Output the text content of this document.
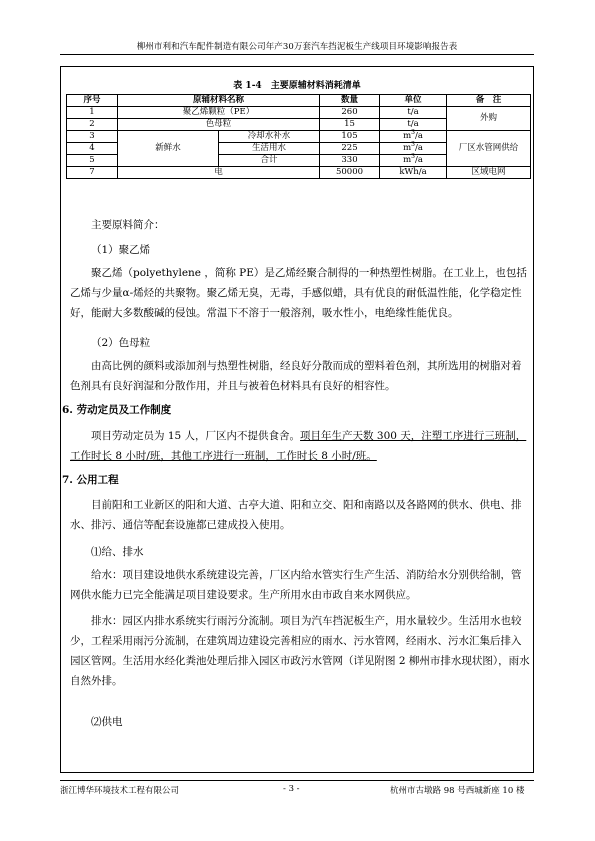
柳州市利和汽车配件制造有限公司年产30万套汽车挡泥板生产线项目环境影响报告表
表 1-4　主要原辅材料消耗清单
序号	原辅材料名称		数量	单位	备　注
1	聚乙烯颗粒（PE）		260	t/a	外购
2	色母粒		15	t/a	
3	新鲜水	冷却水补水	105	$m^3/a$	厂区水管网供给
4		生活用水	225	$m^3/a$	
5		合计	330	$m^3/a$	
7	电		50000	kWh/a	区域电网
主要原料简介：
（1）聚乙烯
聚乙烯（polyethylene ，简称 PE）是乙烯经聚合制得的一种热塑性树脂。在工业上，也包括乙烯与少量α-烯烃的共聚物。聚乙烯无臭，无毒，手感似蜡，具有优良的耐低温性能，化学稳定性好，能耐大多数酸碱的侵蚀。常温下不溶于一般溶剂，吸水性小，电绝缘性能优良。
（2）色母粒
由高比例的颜料或添加剂与热塑性树脂，经良好分散而成的塑料着色剂，其所选用的树脂对着色剂具有良好润湿和分散作用，并且与被着色材料具有良好的相容性。
6. 劳动定员及工作制度
项目劳动定员为 15 人，厂区内不提供食舍。项目年生产天数 300 天，注塑工序进行三班制，工作时长 8 小时/班，其他工序进行一班制，工作时长 8 小时/班。
7. 公用工程
目前阳和工业新区的阳和大道、古亭大道、阳和立交、阳和南路以及各路网的供水、供电、排水、排污、通信等配套设施都已建成投入使用。
⑴给、排水
给水：项目建设地供水系统建设完善，厂区内给水管实行生产生活、消防给水分别供给制，管网供水能力已完全能满足项目建设要求。生产所用水由市政自来水网供应。
排水：园区内排水系统实行雨污分流制。项目为汽车挡泥板生产，用水量较少。生活用水也较少，工程采用雨污分流制，在建筑周边建设完善相应的雨水、污水管网，经雨水、污水汇集后排入园区管网。生活用水经化粪池处理后排入园区市政污水管网（详见附图 2 柳州市排水现状图），雨水自然外排。
⑵供电
浙江博华环境技术工程有限公司	- 3 -	杭州市古墩路 98 号西城新座 10 楼
